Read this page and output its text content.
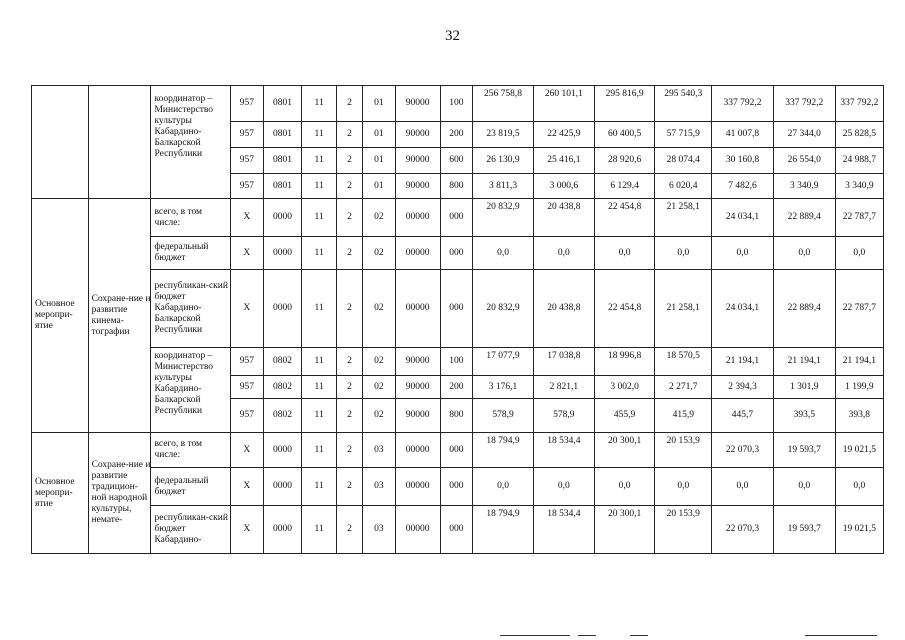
32
		координатор – Министерство культуры Кабардино-Балкарской Республики	957	0801	11	2	01	90000	100	256 758,8	260 101,1	295 816,9	295 540,3	337 792,2	337 792,2	337 792,2
			957	0801	11	2	01	90000	200	23 819,5	22 425,9	60 400,5	57 715,9	41 007,8	27 344,0	25 828,5
			957	0801	11	2	01	90000	600	26 130,9	25 416,1	28 920,6	28 074,4	30 160,8	26 554,0	24 988,7
			957	0801	11	2	01	90000	800	3 811,3	3 000,6	6 129,4	6 020,4	7 482,6	3 340,9	3 340,9
Основное меропри-ятие	Сохране-ние и развитие кинема-тографии	всего, в том числе:	Х	0000	11	2	02	00000	000	20 832,9	20 438,8	22 454,8	21 258,1	24 034,1	22 889,4	22 787,7
		федеральный бюджет	Х	0000	11	2	02	00000	000	0,0	0,0	0,0	0,0	0,0	0,0	0,0
		республикан-ский бюджет Кабардино-Балкарской Республики	Х	0000	11	2	02	00000	000	20 832,9	20 438,8	22 454,8	21 258,1	24 034,1	22 889,4	22 787,7
		координатор – Министерство культуры Кабардино-Балкарской Республики	957	0802	11	2	02	90000	100	17 077,9	17 038,8	18 996,8	18 570,5	21 194,1	21 194,1	21 194,1
			957	0802	11	2	02	90000	200	3 176,1	2 821,1	3 002,0	2 271,7	2 394,3	1 301,9	1 199,9
			957	0802	11	2	02	90000	800	578,9	578,9	455,9	415,9	445,7	393,5	393,8
Основное меропри-ятие	Сохране-ние и развитие традицион-ной народной культуры, немате-	всего, в том числе:	Х	0000	11	2	03	00000	000	18 794,9	18 534,4	20 300,1	20 153,9	22 070,3	19 593,7	19 021,5
		федеральный бюджет	Х	0000	11	2	03	00000	000	0,0	0,0	0,0	0,0	0,0	0,0	0,0
		республикан-ский бюджет Кабардино-	Х	0000	11	2	03	00000	000	18 794,9	18 534,4	20 300,1	20 153,9	22 070,3	19 593,7	19 021,5
